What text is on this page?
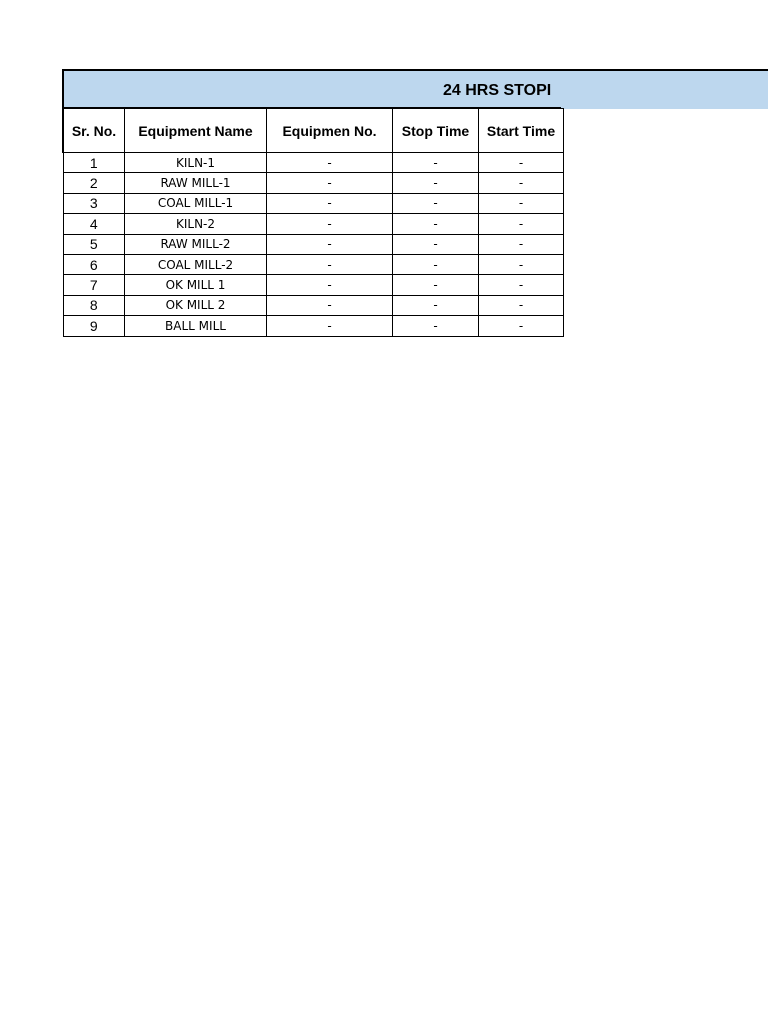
24 HRS STOPI
Sr. No.	Equipment Name	Equipmen No.	Stop Time	Start Time
1	KILN-1	-	-	-
2	RAW MILL-1	-	-	-
3	COAL MILL-1	-	-	-
4	KILN-2	-	-	-
5	RAW MILL-2	-	-	-
6	COAL MILL-2	-	-	-
7	OK MILL 1	-	-	-
8	OK MILL 2	-	-	-
9	BALL MILL	-	-	-
